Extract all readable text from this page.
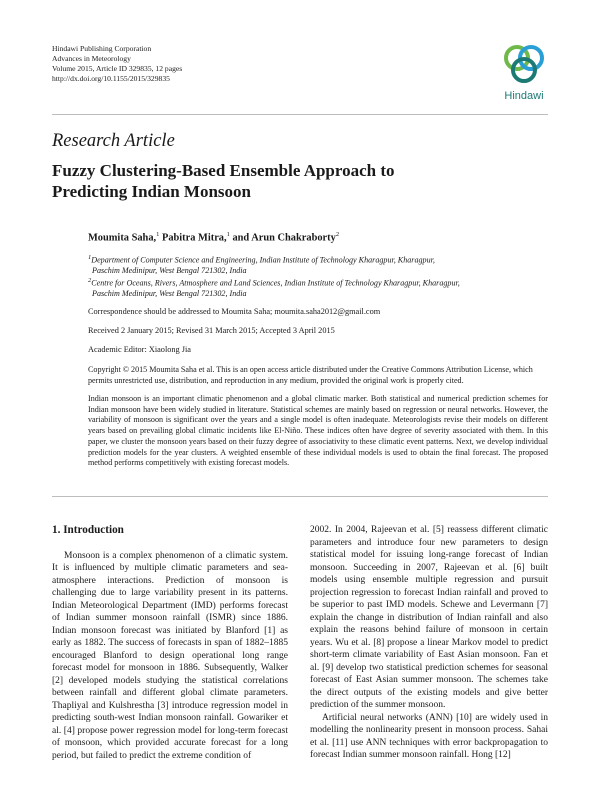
Hindawi Publishing Corporation
Advances in Meteorology
Volume 2015, Article ID 329835, 12 pages
http://dx.doi.org/10.1155/2015/329835
Hindawi
Research Article
Fuzzy Clustering-Based Ensemble Approach to Predicting Indian Monsoon
Moumita Saha,$^1$ Pabitra Mitra,$^1$ and Arun Chakraborty$^2$
$^1$Department of Computer Science and Engineering, Indian Institute of Technology Kharagpur, Kharagpur,
Paschim Medinipur, West Bengal 721302, India
$^2$Centre for Oceans, Rivers, Atmosphere and Land Sciences, Indian Institute of Technology Kharagpur, Kharagpur,
Paschim Medinipur, West Bengal 721302, India
Correspondence should be addressed to Moumita Saha; moumita.saha2012@gmail.com
Received 2 January 2015; Revised 31 March 2015; Accepted 3 April 2015
Academic Editor: Xiaolong Jia
Copyright © 2015 Moumita Saha et al. This is an open access article distributed under the Creative Commons Attribution License, which permits unrestricted use, distribution, and reproduction in any medium, provided the original work is properly cited.
Indian monsoon is an important climatic phenomenon and a global climatic marker. Both statistical and numerical prediction schemes for Indian monsoon have been widely studied in literature. Statistical schemes are mainly based on regression or neural networks. However, the variability of monsoon is significant over the years and a single model is often inadequate. Meteorologists revise their models on different years based on prevailing global climatic incidents like El-Niño. These indices often have degree of severity associated with them. In this paper, we cluster the monsoon years based on their fuzzy degree of associativity to these climatic event patterns. Next, we develop individual prediction models for the year clusters. A weighted ensemble of these individual models is used to obtain the final forecast. The proposed method performs competitively with existing forecast models.

1. Introduction

Monsoon is a complex phenomenon of a climatic system. It is influenced by multiple climatic parameters and sea-atmosphere interactions. Prediction of monsoon is challenging due to large variability present in its patterns. Indian Meteorological Department (IMD) performs forecast of Indian summer monsoon rainfall (ISMR) since 1886. Indian monsoon forecast was initiated by Blanford [1] as early as 1882. The success of forecasts in span of 1882–1885 encouraged Blanford to design operational long range forecast model for monsoon in 1886. Subsequently, Walker [2] developed models studying the statistical correlations between rainfall and different global climate parameters. Thapliyal and Kulshrestha [3] introduce regression model in predicting south-west Indian monsoon rainfall. Gowariker et al. [4] propose power regression model for long-term forecast of monsoon, which provided accurate forecast for a long period, but failed to predict the extreme condition of

2002. In 2004, Rajeevan et al. [5] reassess different climatic parameters and introduce four new parameters to design statistical model for issuing long-range forecast of Indian monsoon. Succeeding in 2007, Rajeevan et al. [6] built models using ensemble multiple regression and pursuit projection regression to forecast Indian rainfall and proved to be superior to past IMD models. Schewe and Levermann [7] explain the change in distribution of Indian rainfall and also explain the reasons behind failure of monsoon in certain years. Wu et al. [8] propose a linear Markov model to predict short-term climate variability of East Asian monsoon. Fan et al. [9] develop two statistical prediction schemes for seasonal forecast of East Asian summer monsoon. The schemes take the direct outputs of the existing models and give better prediction of the summer monsoon.

Artificial neural networks (ANN) [10] are widely used in modelling the nonlinearity present in monsoon process. Sahai et al. [11] use ANN techniques with error backpropagation to forecast Indian summer monsoon rainfall. Hong [12]
